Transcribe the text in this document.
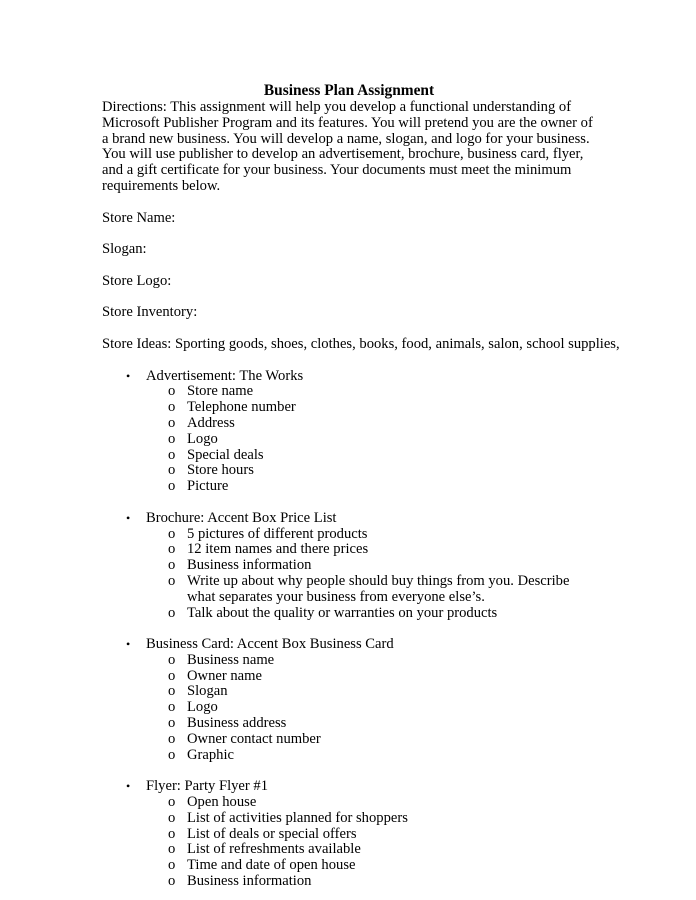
Business Plan Assignment

Directions: This assignment will help you develop a functional understanding of Microsoft Publisher Program and its features. You will pretend you are the owner of a brand new business. You will develop a name, slogan, and logo for your business. You will use publisher to develop an advertisement, brochure, business card, flyer, and a gift certificate for your business. Your documents must meet the minimum requirements below.

Store Name:

Slogan:

Store Logo:

Store Inventory:

Store Ideas: Sporting goods, shoes, clothes, books, food, animals, salon, school supplies,

• Advertisement: The Works
o Store name
o Telephone number
o Address
o Logo
o Special deals
o Store hours
o Picture
• Brochure: Accent Box Price List
o 5 pictures of different products
o 12 item names and there prices
o Business information
o Write up about why people should buy things from you. Describe what separates your business from everyone else’s.
o Talk about the quality or warranties on your products
• Business Card: Accent Box Business Card
o Business name
o Owner name
o Slogan
o Logo
o Business address
o Owner contact number
o Graphic
• Flyer: Party Flyer #1
o Open house
o List of activities planned for shoppers
o List of deals or special offers
o List of refreshments available
o Time and date of open house
o Business information
